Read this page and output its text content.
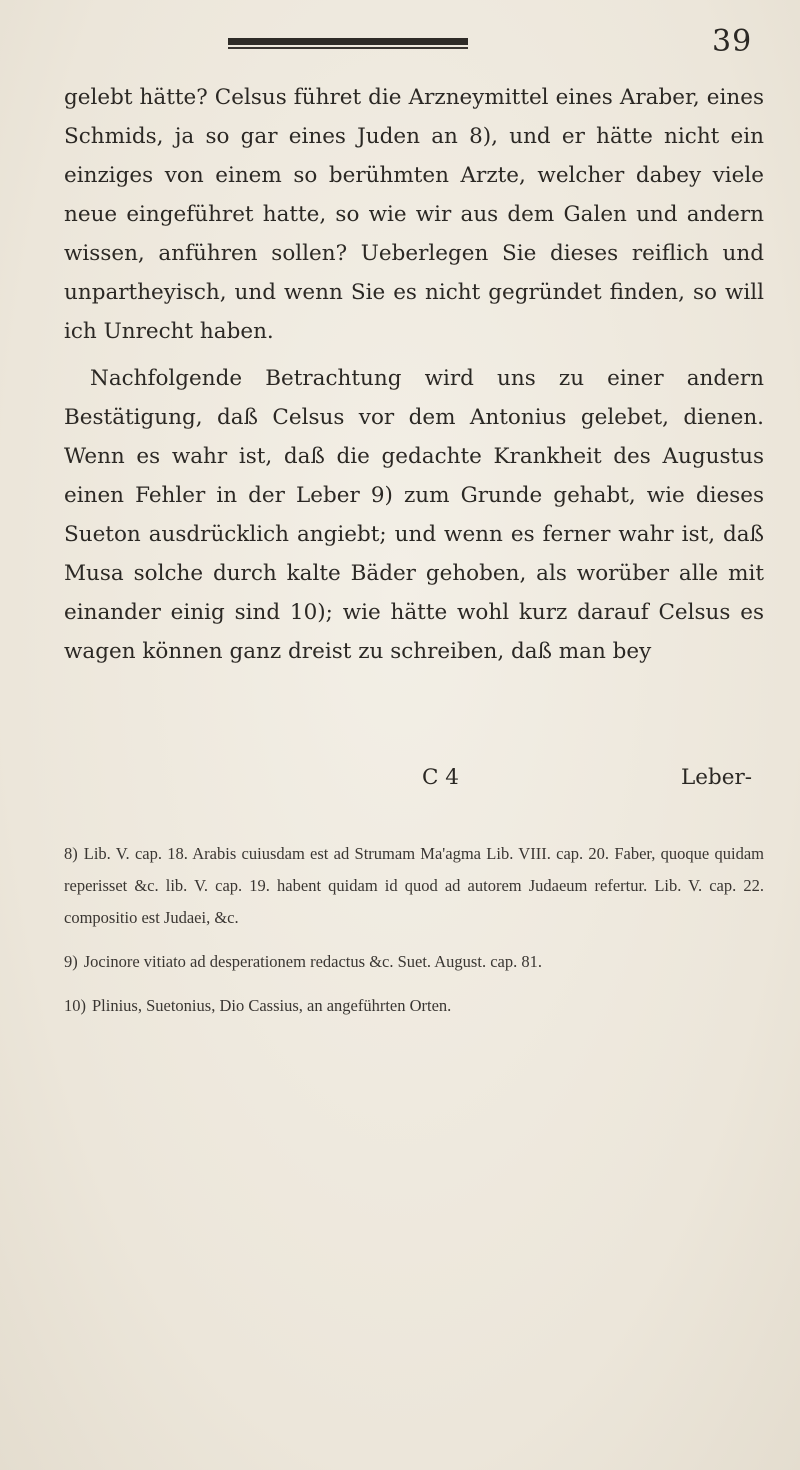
39

gelebt hätte? Celsus führet die Arzneymittel eines Araber, eines Schmids, ja so gar eines Juden an 8), und er hätte nicht ein einziges von einem so berühmten Arzte, welcher dabey viele neue eingeführet hatte, so wie wir aus dem Galen und andern wissen, anführen sollen? Ueberlegen Sie dieses reiflich und unpartheyisch, und wenn Sie es nicht gegründet finden, so will ich Unrecht haben.

Nachfolgende Betrachtung wird uns zu einer andern Bestätigung, daß Celsus vor dem Antonius gelebet, dienen. Wenn es wahr ist, daß die gedachte Krankheit des Augustus einen Fehler in der Leber 9) zum Grunde gehabt, wie dieses Sueton ausdrücklich angiebt; und wenn es ferner wahr ist, daß Musa solche durch kalte Bäder gehoben, als worüber alle mit einander einig sind 10); wie hätte wohl kurz darauf Celsus es wagen können ganz dreist zu schreiben, daß man bey

C 4	Leber-

8) Lib. V. cap. 18. Arabis cuiusdam est ad Strumam Ma'agma Lib. VIII. cap. 20. Faber, quoque quidam reperisset &c. lib. V. cap. 19. habent quidam id quod ad autorem Judaeum refertur. Lib. V. cap. 22. compositio est Judaei, &c.

9) Jocinore vitiato ad desperationem redactus &c. Suet. August. cap. 81.

10) Plinius, Suetonius, Dio Cassius, an angeführten Orten.
